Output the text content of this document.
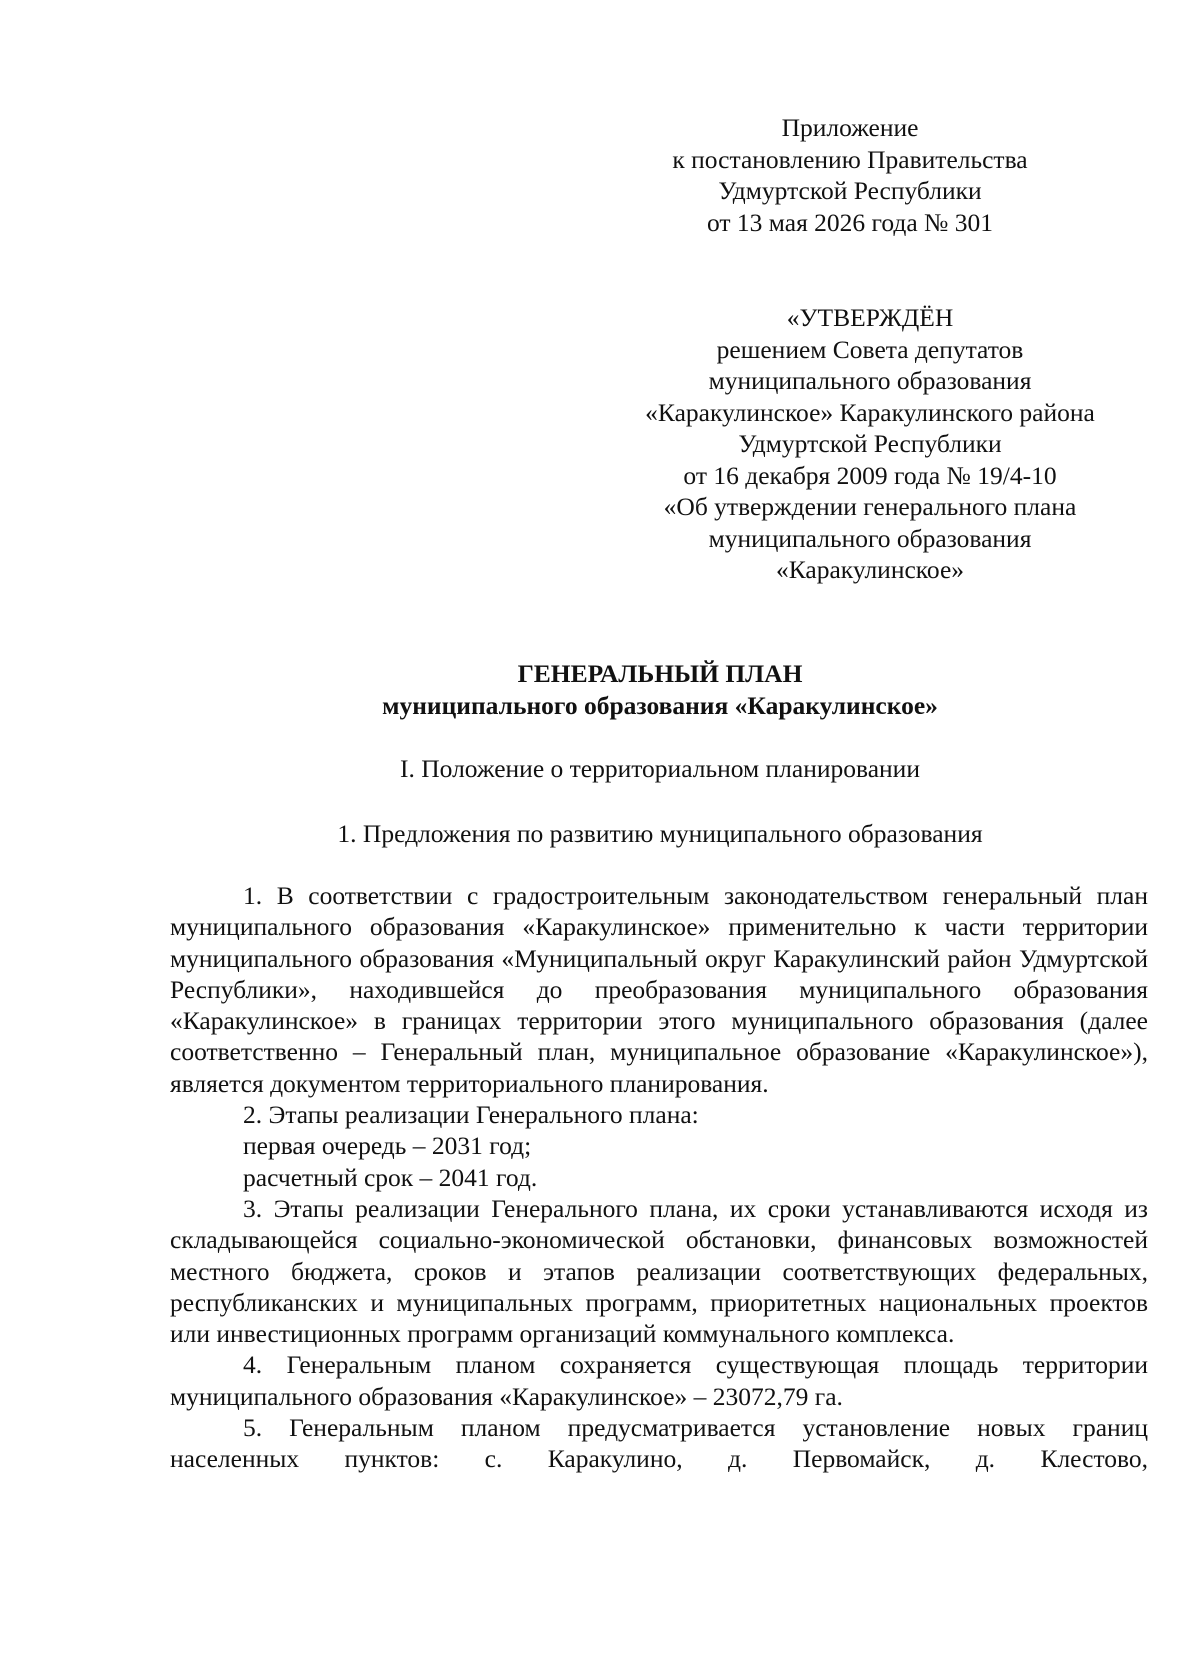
Приложение
к постановлению Правительства
Удмуртской Республики
от 13 мая 2026 года № 301
«УТВЕРЖДЁН
решением Совета депутатов
муниципального образования
«Каракулинское» Каракулинского района
Удмуртской Республики
от 16 декабря 2009 года № 19/4-10
«Об утверждении генерального плана
муниципального образования
«Каракулинское»
ГЕНЕРАЛЬНЫЙ ПЛАН
муниципального образования «Каракулинское»
I. Положение о территориальном планировании
1. Предложения по развитию муниципального образования

1. В соответствии с градостроительным законодательством генеральный план муниципального образования «Каракулинское» применительно к части территории муниципального образования «Муниципальный округ Каракулинский район Удмуртской Республики», находившейся до преобразования муниципального образования «Каракулинское» в границах территории этого муниципального образования (далее соответственно – Генеральный план, муниципальное образование «Каракулинское»), является документом территориального планирования.

2. Этапы реализации Генерального плана:

первая очередь – 2031 год;

расчетный срок – 2041 год.

3. Этапы реализации Генерального плана, их сроки устанавливаются исходя из складывающейся социально-экономической обстановки, финансовых возможностей местного бюджета, сроков и этапов реализации соответствующих федеральных, республиканских и муниципальных программ, приоритетных национальных проектов или инвестиционных программ организаций коммунального комплекса.

4. Генеральным планом сохраняется существующая площадь территории муниципального образования «Каракулинское» – 23072,79 га.

5. Генеральным планом предусматривается установление новых границ населенных пунктов: с. Каракулино, д. Первомайск, д. Клестово,
